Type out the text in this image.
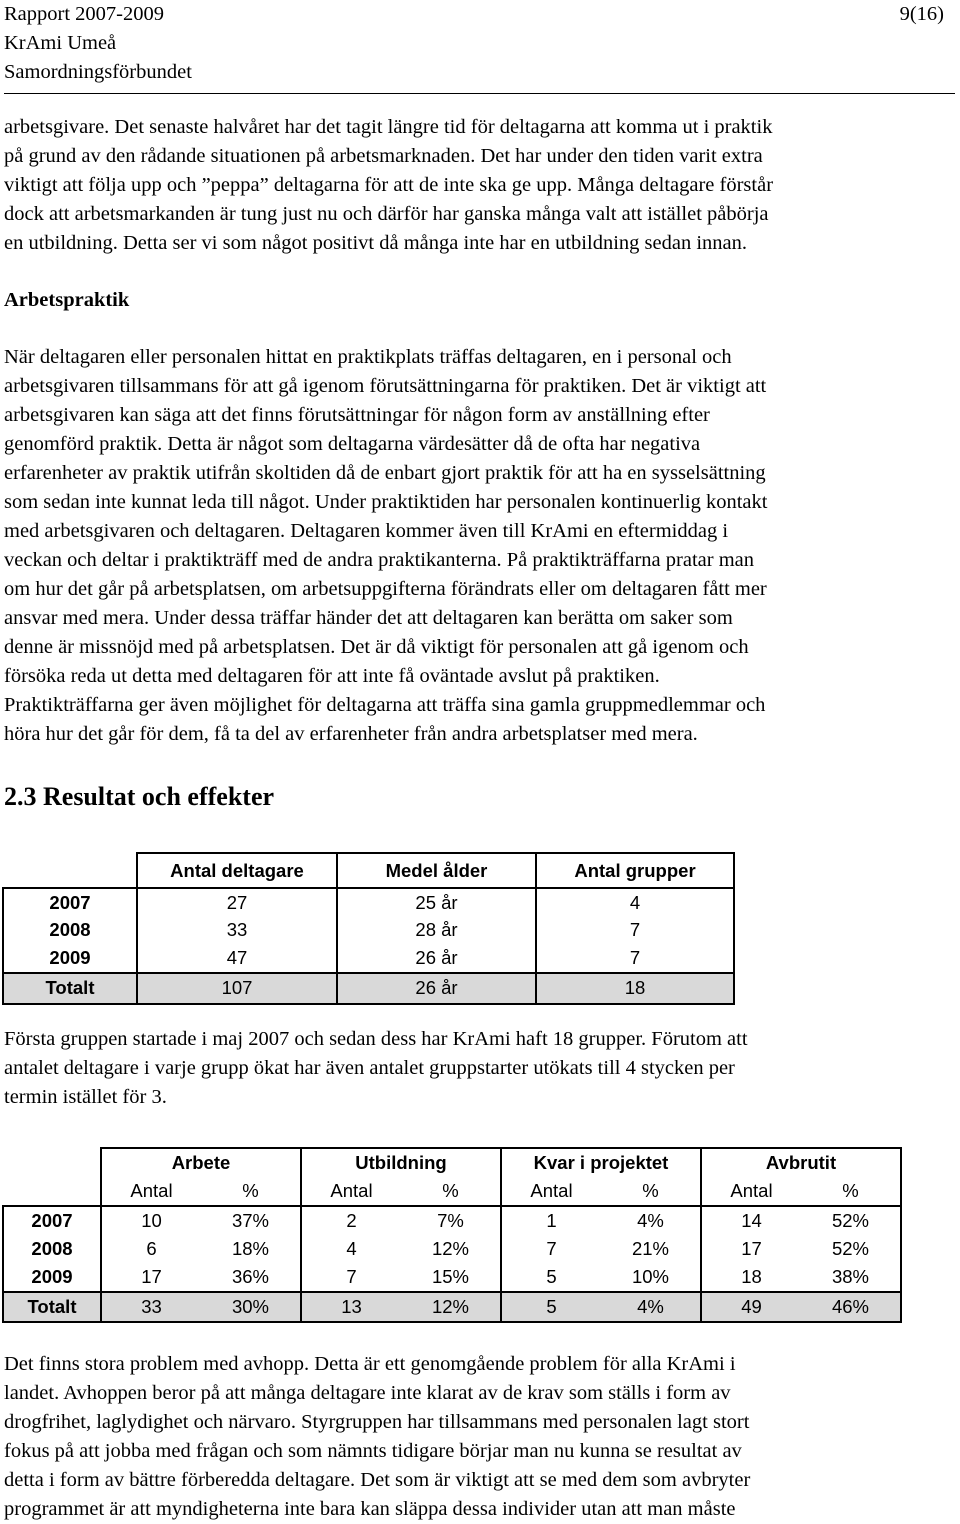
Rapport 2007-2009
KrAmi Umeå
Samordningsförbundet
9(16)

arbetsgivare. Det senaste halvåret har det tagit längre tid för deltagarna att komma ut i praktik
på grund av den rådande situationen på arbetsmarknaden. Det har under den tiden varit extra
viktigt att följa upp och ”peppa” deltagarna för att de inte ska ge upp. Många deltagare förstår
dock att arbetsmarkanden är tung just nu och därför har ganska många valt att istället påbörja
en utbildning. Detta ser vi som något positivt då många inte har en utbildning sedan innan.

Arbetspraktik

När deltagaren eller personalen hittat en praktikplats träffas deltagaren, en i personal och
arbetsgivaren tillsammans för att gå igenom förutsättningarna för praktiken. Det är viktigt att
arbetsgivaren kan säga att det finns förutsättningar för någon form av anställning efter
genomförd praktik. Detta är något som deltagarna värdesätter då de ofta har negativa
erfarenheter av praktik utifrån skoltiden då de enbart gjort praktik för att ha en sysselsättning
som sedan inte kunnat leda till något. Under praktiktiden har personalen kontinuerlig kontakt
med arbetsgivaren och deltagaren. Deltagaren kommer även till KrAmi en eftermiddag i
veckan och deltar i praktikträff med de andra praktikanterna. På praktikträffarna pratar man
om hur det går på arbetsplatsen, om arbetsuppgifterna förändrats eller om deltagaren fått mer
ansvar med mera. Under dessa träffar händer det att deltagaren kan berätta om saker som
denne är missnöjd med på arbetsplatsen. Det är då viktigt för personalen att gå igenom och
försöka reda ut detta med deltagaren för att inte få oväntade avslut på praktiken.
Praktikträffarna ger även möjlighet för deltagarna att träffa sina gamla gruppmedlemmar och
höra hur det går för dem, få ta del av erfarenheter från andra arbetsplatser med mera.

2.3 Resultat och effekter
	Antal deltagare	Medel ålder	Antal grupper
2007	27	25 år	4
2008	33	28 år	7
2009	47	26 år	7
Totalt	107	26 år	18

Första gruppen startade i maj 2007 och sedan dess har KrAmi haft 18 grupper. Förutom att
antalet deltagare i varje grupp ökat har även antalet gruppstarter utökats till 4 stycken per
termin istället för 3.

	Arbete		Utbildning		Kvar i projektet		Avbrutit	
	Antal	%	Antal	%	Antal	%	Antal	%
2007	10	37%	2	7%	1	4%	14	52%
2008	6	18%	4	12%	7	21%	17	52%
2009	17	36%	7	15%	5	10%	18	38%
Totalt	33	30%	13	12%	5	4%	49	46%

Det finns stora problem med avhopp. Detta är ett genomgående problem för alla KrAmi i
landet. Avhoppen beror på att många deltagare inte klarat av de krav som ställs i form av
drogfrihet, laglydighet och närvaro. Styrgruppen har tillsammans med personalen lagt stort
fokus på att jobba med frågan och som nämnts tidigare börjar man nu kunna se resultat av
detta i form av bättre förberedda deltagare. Det som är viktigt att se med dem som avbryter
programmet är att myndigheterna inte bara kan släppa dessa individer utan att man måste
